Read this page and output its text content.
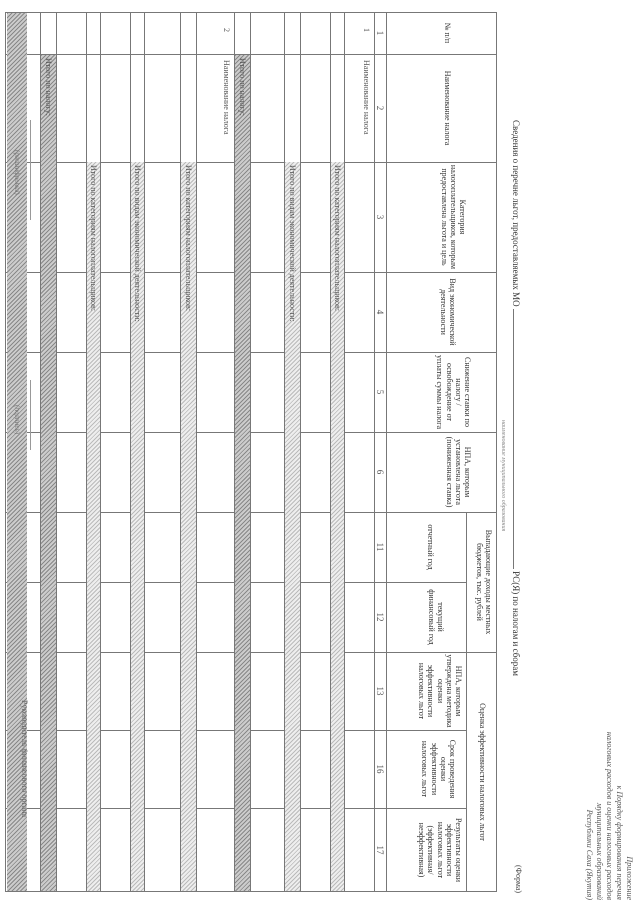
Приложение
к Порядку формирования перечня
налоговых расходов и оценки налоговых расходов
муниципальных образований
Республики Саха (Якутия)
(Форма)
Сведения о перечне льгот, предоставляемых МО  РС(Я) по налогам и сборам
наименование муниципального образования
№ п/п
Наименование налога
Категория налогоплательщиков, которым предоставлена льгота и цель
Вид экономической деятельности
Снижение ставки по налогу / освобождение от уплаты суммы налога
НПА, которым установлена льгота (пониженная ставка)
Выпадающие доходы местных бюджетов, тыс. рублей
отчетный год
текущий финансовый год
Оценка эффективности налоговых льгот
НПА, которым утверждена методика оценки эффективности налоговых льгот
Срок проведения оценки эффективности налоговых льгот
Результаты оценки эффективности налоговых льгот (эффективная/ неэффективная)
1
2
3
4
5
6
11
12
13
16
17
1
Наименование налога
Итого по категориям налогоплательщиков:
Итого по видам экономической деятельности:
Итого по налогу:
2
Наименование налога
Итого по категориям налогоплательщиков:
Итого по видам экономической деятельности:
Итого по категориям налогоплательщиков:
Итого по налогу:
Руководитель финансового органа
(подпись)
(расшифровка)
